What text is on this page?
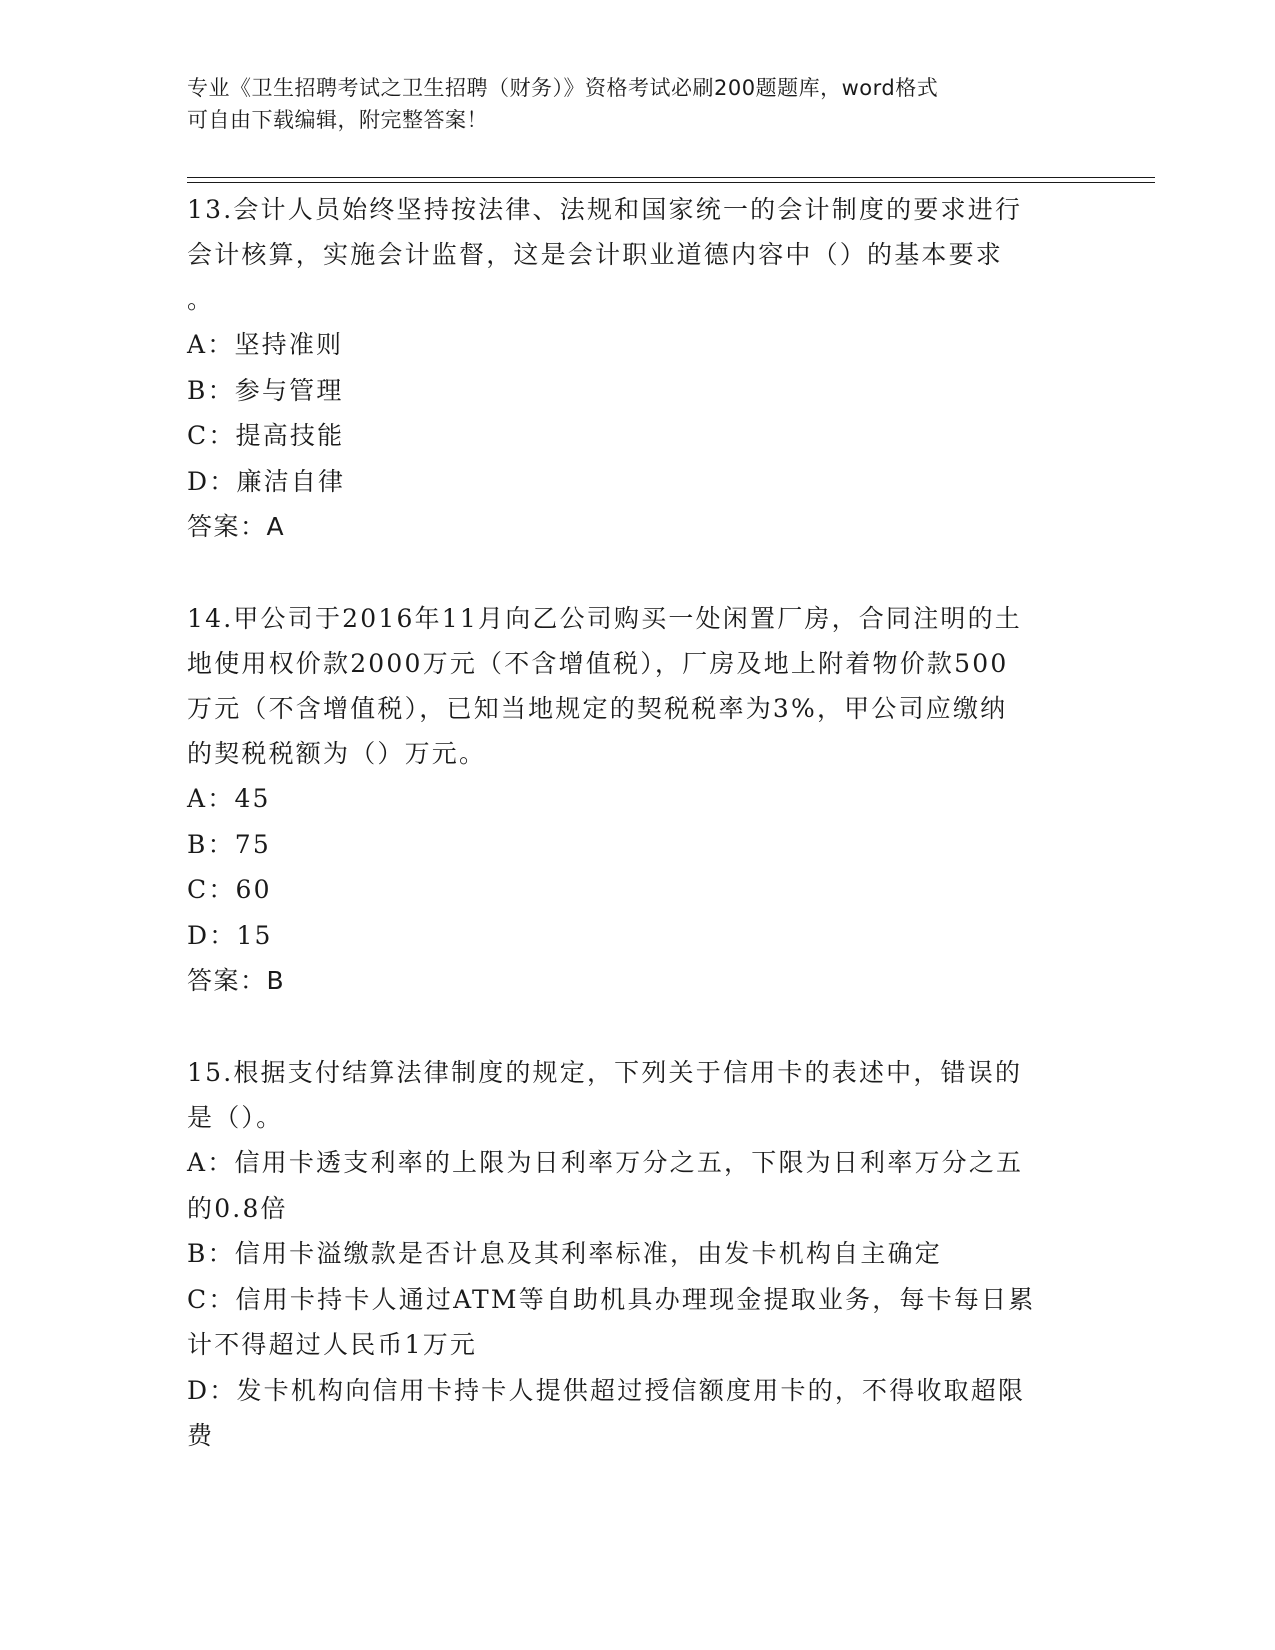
专业《卫生招聘考试之卫生招聘（财务）》资格考试必刷200题题库，word格式
可自由下载编辑，附完整答案！

13.会计人员始终坚持按法律、法规和国家统一的会计制度的要求进行

会计核算，实施会计监督，这是会计职业道德内容中（）的基本要求

。

A：坚持准则

B：参与管理

C：提高技能

D：廉洁自律

答案：A

14.甲公司于2016年11月向乙公司购买一处闲置厂房，合同注明的土

地使用权价款2000万元（不含增值税），厂房及地上附着物价款500

万元（不含增值税），已知当地规定的契税税率为3%，甲公司应缴纳

的契税税额为（）万元。

A：45

B：75

C：60

D：15

答案：B

15.根据支付结算法律制度的规定，下列关于信用卡的表述中，错误的

是（）。

A：信用卡透支利率的上限为日利率万分之五，下限为日利率万分之五

的0.8倍

B：信用卡溢缴款是否计息及其利率标准，由发卡机构自主确定

C：信用卡持卡人通过ATM等自助机具办理现金提取业务，每卡每日累

计不得超过人民币1万元

D：发卡机构向信用卡持卡人提供超过授信额度用卡的，不得收取超限

费
